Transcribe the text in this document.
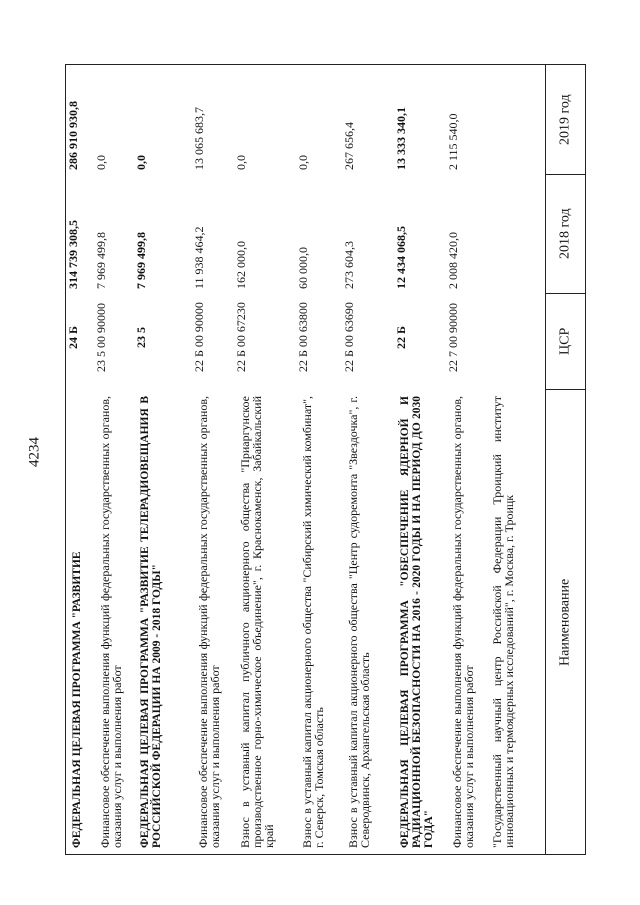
4234
Наименование
ЦСР
2018 год
2019 год
"Государственный научный центр Российской Федерации Троицкий институт инновационных и термоядерных исследований", г. Москва, г. Троицк
Финансовое обеспечение выполнения функций федеральных государственных органов, оказания услуг и выполнения работ
22 7 00 90000
2 008 420,0
2 115 540,0
ФЕДЕРАЛЬНАЯ ЦЕЛЕВАЯ ПРОГРАММА "ОБЕСПЕЧЕНИЕ ЯДЕРНОЙ И РАДИАЦИОННОЙ БЕЗОПАСНОСТИ НА 2016 - 2020 ГОДЫ И НА ПЕРИОД ДО 2030 ГОДА"
22 Б
12 434 068,5
13 333 340,1
Взнос в уставный капитал акционерного общества "Центр судоремонта "Звездочка", г. Северодвинск, Архангельская область
22 Б 00 63690
273 604,3
267 656,4
Взнос в уставный капитал акционерного общества "Сибирский химический комбинат", г. Северск, Томская область
22 Б 00 63800
60 000,0
0,0
Взнос в уставный капитал публичного акционерного общества "Приаргунское производственное горно-химическое объединение", г. Краснокаменск, Забайкальский край
22 Б 00 67230
162 000,0
0,0
Финансовое обеспечение выполнения функций федеральных государственных органов, оказания услуг и выполнения работ
22 Б 00 90000
11 938 464,2
13 065 683,7
ФЕДЕРАЛЬНАЯ ЦЕЛЕВАЯ ПРОГРАММА "РАЗВИТИЕ ТЕЛЕРАДИОВЕЩАНИЯ В РОССИЙСКОЙ ФЕДЕРАЦИИ НА 2009 - 2018 ГОДЫ"
23 5
7 969 499,8
0,0
Финансовое обеспечение выполнения функций федеральных государственных органов, оказания услуг и выполнения работ
23 5 00 90000
7 969 499,8
0,0
ФЕДЕРАЛЬНАЯ ЦЕЛЕВАЯ ПРОГРАММА "РАЗВИТИЕ
24 Б
314 739 308,5
286 910 930,8
